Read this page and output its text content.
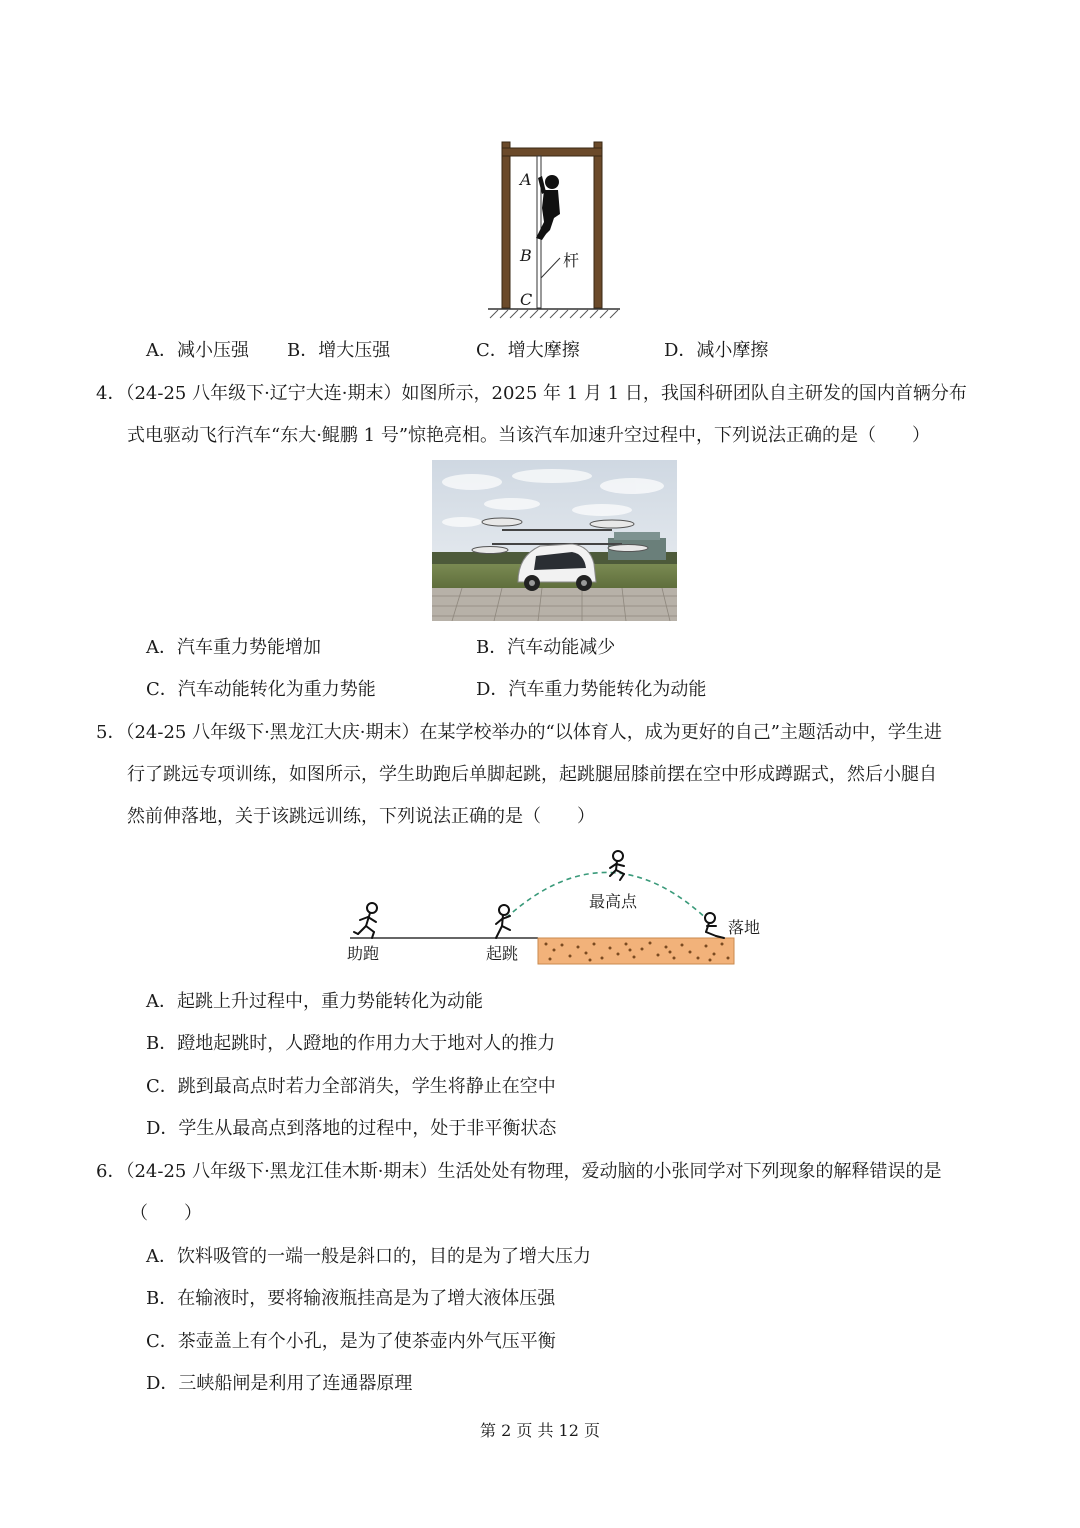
A
B
C
杆
A．减小压强 B．增大压强	C．增大摩擦	D．减小摩擦
4．（24-25 八年级下·辽宁大连·期末）如图所示，2025 年 1 月 1 日，我国科研团队自主研发的国内首辆分布
式电驱动飞行汽车“东大·鲲鹏 1 号”惊艳亮相。当该汽车加速升空过程中，下列说法正确的是（　　）
A．汽车重力势能增加	B．汽车动能减少
C．汽车动能转化为重力势能	D．汽车重力势能转化为动能
5．（24-25 八年级下·黑龙江大庆·期末）在某学校举办的“以体育人，成为更好的自己”主题活动中，学生进
行了跳远专项训练，如图所示，学生助跑后单脚起跳，起跳腿屈膝前摆在空中形成蹲踞式，然后小腿自
然前伸落地，关于该跳远训练，下列说法正确的是（　　）
助跑	起跳
最高点
落地
A．起跳上升过程中，重力势能转化为动能
B．蹬地起跳时，人蹬地的作用力大于地对人的推力
C．跳到最高点时若力全部消失，学生将静止在空中
D．学生从最高点到落地的过程中，处于非平衡状态
6．（24-25 八年级下·黑龙江佳木斯·期末）生活处处有物理，爱动脑的小张同学对下列现象的解释错误的是
（　　）
A．饮料吸管的一端一般是斜口的，目的是为了增大压力
B．在输液时，要将输液瓶挂高是为了增大液体压强
C．茶壶盖上有个小孔，是为了使茶壶内外气压平衡
D．三峡船闸是利用了连通器原理
第 2 页 共 12 页
